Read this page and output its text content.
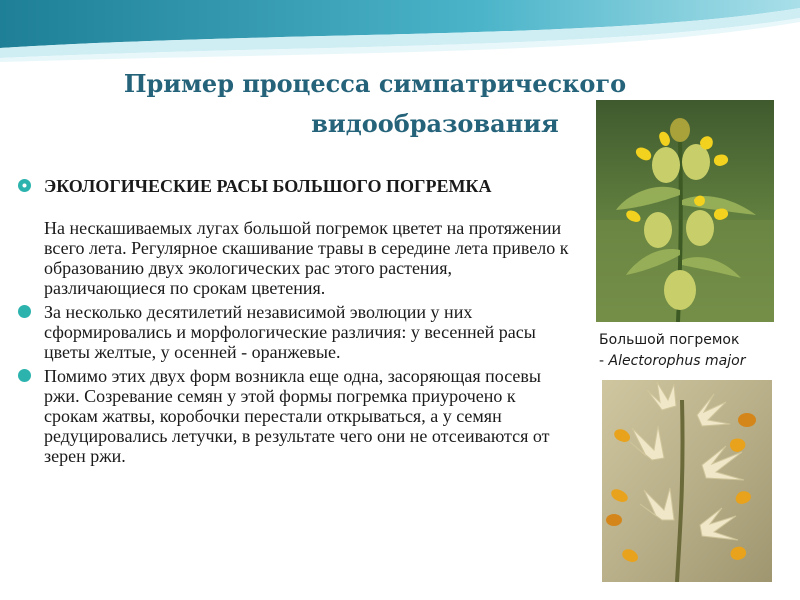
Пример процесса симпатрического
видообразования
ЭКОЛОГИЧЕСКИЕ РАСЫ БОЛЬШОГО ПОГРЕМКА
На нескашиваемых лугах большой погремок цветет на протяжении всего лета. Регулярное скашивание травы в середине лета привело к образованию двух экологических рас этого растения, различающиеся по срокам цветения.
За несколько десятилетий независимой эволюции у них сформировались и морфологические различия: у весенней расы цветы желтые, у осенней - оранжевые.
Помимо этих двух форм возникла еще одна, засоряющая посевы ржи. Созревание семян у этой формы погремка приурочено к срокам жатвы, коробочки перестали открываться, а у семян редуцировались летучки, в результате чего они не отсеиваются от зерен ржи.
Большой погремок
- Alectorophus major
